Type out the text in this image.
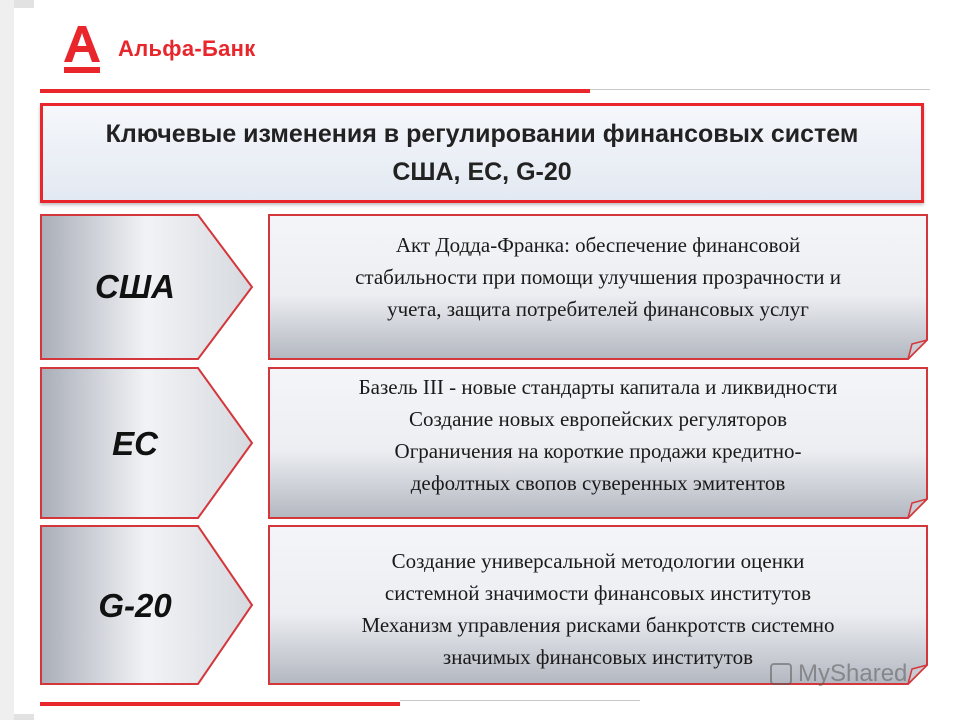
Альфа-Банк
Ключевые изменения в регулировании финансовых систем
США, ЕС, G-20
США
Акт Додда-Франка: обеспечение финансовой
стабильности при помощи улучшения прозрачности и
учета, защита потребителей финансовых услуг
ЕС
Базель III - новые стандарты капитала и ликвидности
Создание новых европейских регуляторов
Ограничения на короткие продажи кредитно-
дефолтных свопов суверенных эмитентов
G-20
Создание универсальной методологии оценки
системной значимости финансовых институтов
Механизм управления рисками банкротств системно
значимых финансовых институтов
MyShared
